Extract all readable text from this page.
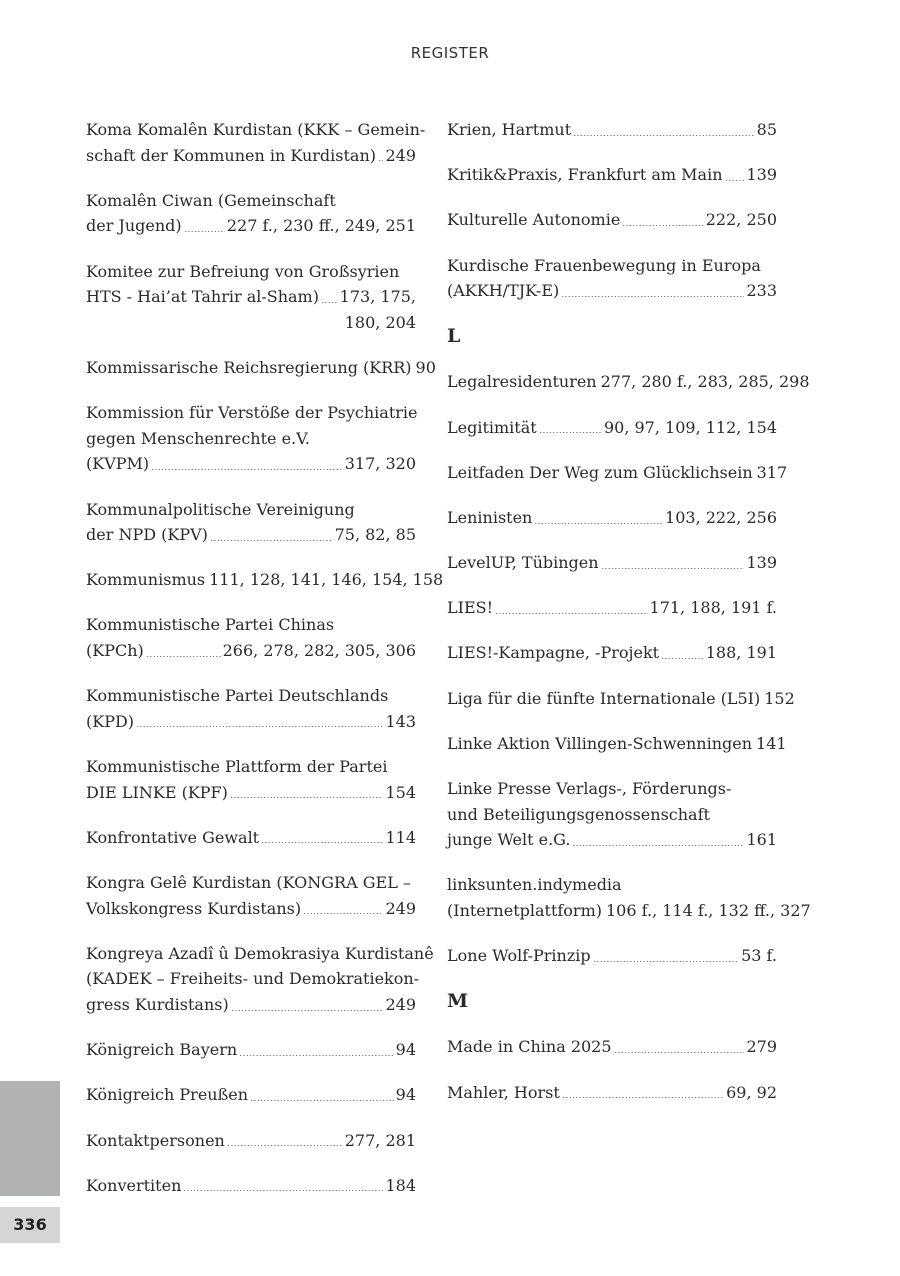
REGISTER
Koma Komalên Kurdistan (KKK – Gemein-
schaft der Kommunen in Kurdistan) 249
Komalên Ciwan (Gemeinschaft
der Jugend)	227 f., 230 ff., 249, 251
Komitee zur Befreiung von Großsyrien
HTS - Hai’at Tahrir al-Sham) 173, 175,
180, 204
Kommissarische Reichsregierung (KRR) 90
Kommission für Verstöße der Psychiatrie
gegen Menschenrechte e.V.
(KVPM)	317, 320
Kommunalpolitische Vereinigung
der NPD (KPV)	75, 82, 85
Kommunismus 111, 128, 141, 146, 154, 158
Kommunistische Partei Chinas
(KPCh)	266, 278, 282, 305, 306
Kommunistische Partei Deutschlands
(KPD)	143
Kommunistische Plattform der Partei
DIE LINKE (KPF)	154
Konfrontative Gewalt	114
Kongra Gelê Kurdistan (KONGRA GEL –
Volkskongress Kurdistans)	249
Kongreya Azadî û Demokrasiya Kurdistanê
(KADEK – Freiheits- und Demokratiekon-
gress Kurdistans)	249
Königreich Bayern	94
Königreich Preußen	94
Kontaktpersonen	277, 281
Konvertiten	184
Krien, Hartmut	85
Kritik&Praxis, Frankfurt am Main 139
Kulturelle Autonomie	222, 250
Kurdische Frauenbewegung in Europa
(AKKH/TJK-E)	233
L
Legalresidenturen 277, 280 f., 283, 285, 298
Legitimität	90, 97, 109, 112, 154
Leitfaden Der Weg zum Glücklichsein 317
Leninisten	103, 222, 256
LevelUP, Tübingen	139
LIES!	171, 188, 191 f.
LIES!-Kampagne, -Projekt	188, 191
Liga für die fünfte Internationale (L5I) 152
Linke Aktion Villingen-Schwenningen 141
Linke Presse Verlags-, Förderungs-
und Beteiligungsgenossenschaft
junge Welt e.G.	161
linksunten.indymedia
(Internetplattform) 106 f., 114 f., 132 ff., 327
Lone Wolf-Prinzip	53 f.
M
Made in China 2025	279
Mahler, Horst	69, 92
336
